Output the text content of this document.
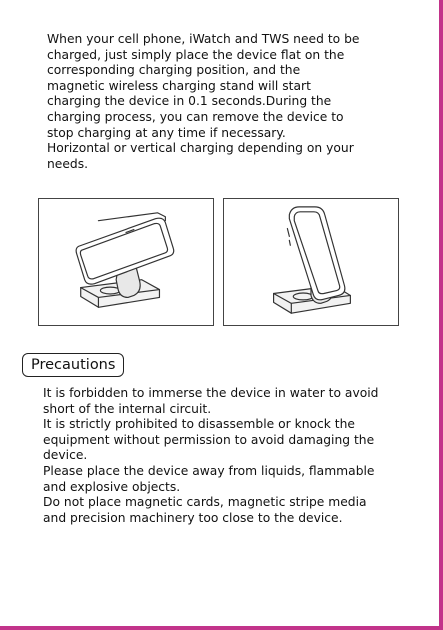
When your cell phone, iWatch and TWS need to be
charged, just simply place the device flat on the
corresponding charging position, and the
magnetic wireless charging stand will start
charging the device in 0.1 seconds.During the
charging process, you can remove the device to
stop charging at any time if necessary.
Horizontal or vertical charging depending on your
needs.

Precautions

It is forbidden to immerse the device in water to avoid
short of the internal circuit.
It is strictly prohibited to disassemble or knock the
equipment without permission to avoid damaging the
device.
Please place the device away from liquids, flammable
and explosive objects.
Do not place magnetic cards, magnetic stripe media
and precision machinery too close to the device.
